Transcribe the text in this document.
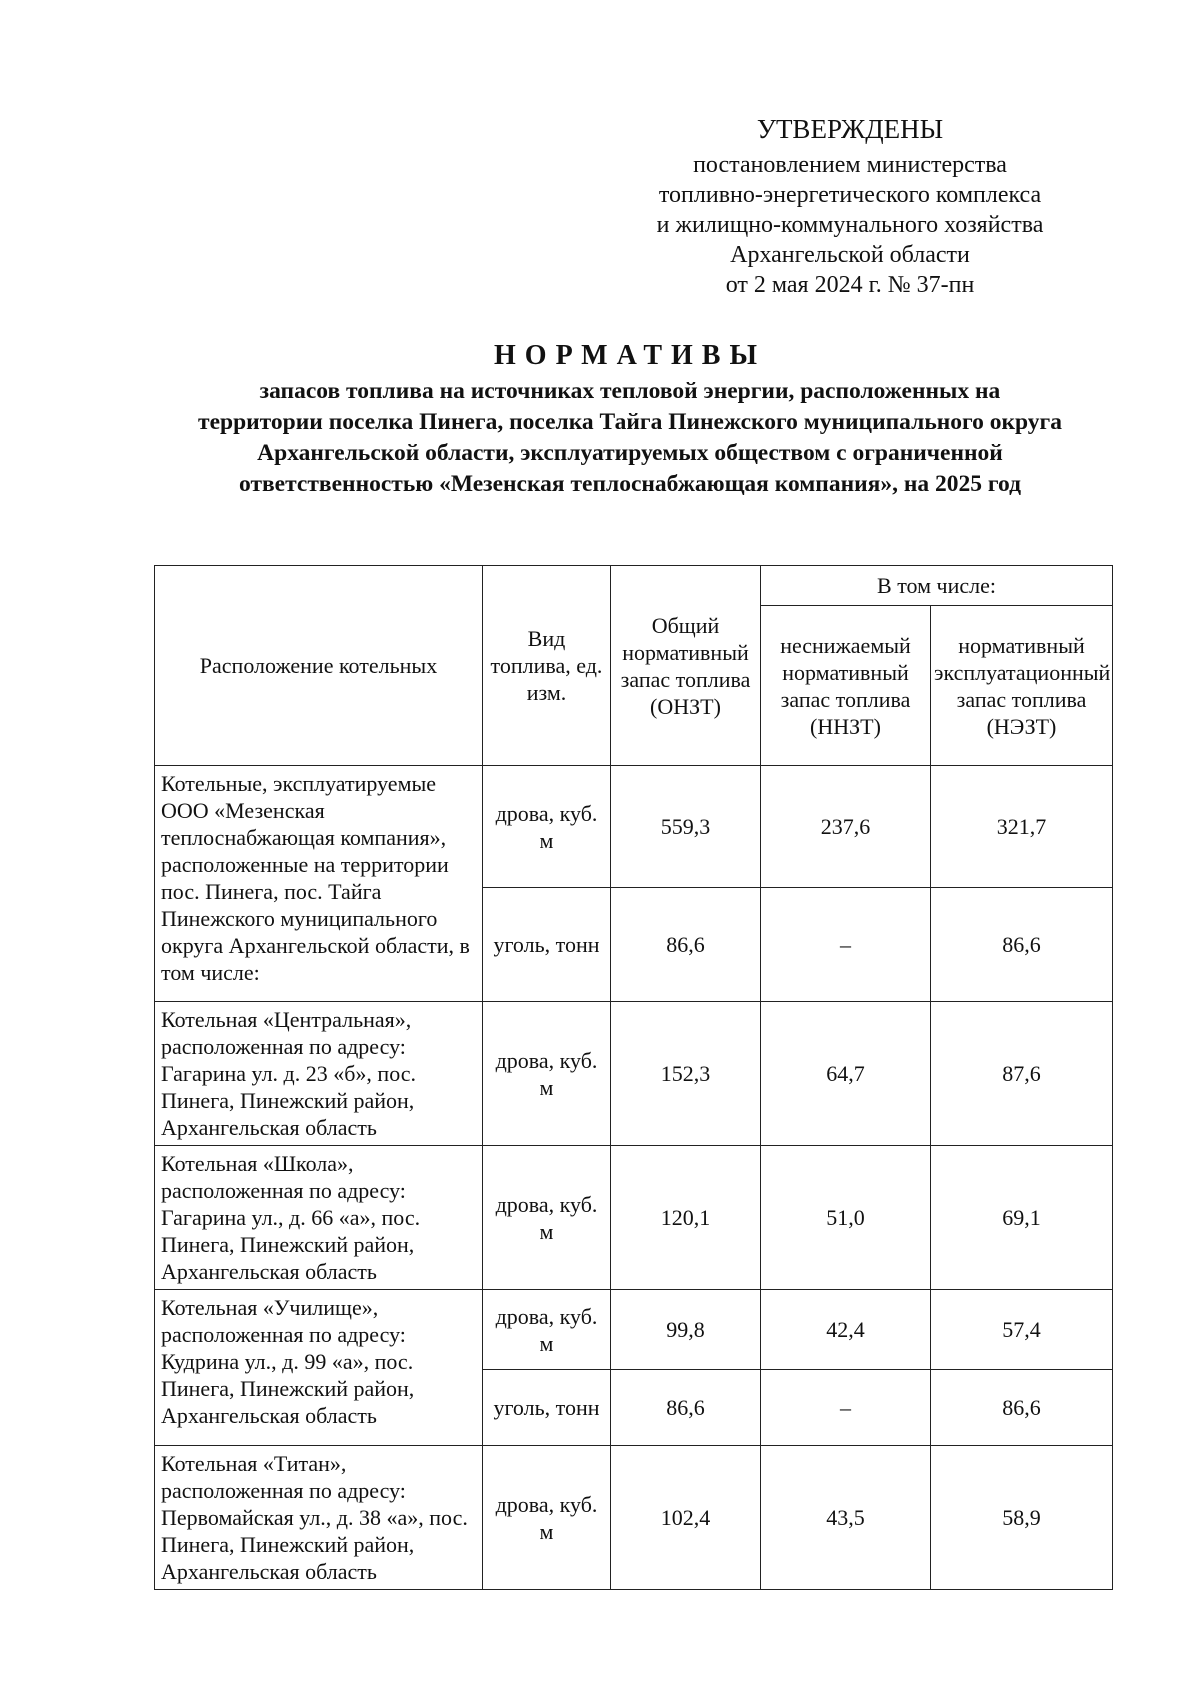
УТВЕРЖДЕНЫ
постановлением министерства
топливно-энергетического комплекса
и жилищно-коммунального хозяйства
Архангельской области
от 2 мая 2024 г. № 37-пн
НОРМАТИВЫ
запасов топлива на источниках тепловой энергии, расположенных на территории поселка Пинега, поселка Тайга Пинежского муниципального округа Архангельской области, эксплуатируемых обществом с ограниченной ответственностью «Мезенская теплоснабжающая компания», на 2025 год
Расположение котельных	Вид топлива, ед. изм.	Общий нормативный запас топлива (ОНЗТ)	В том числе:	
			неснижаемый нормативный запас топлива (ННЗТ)	нормативный эксплуатационный запас топлива (НЭЗТ)
Котельные, эксплуатируемые ООО «Мезенская теплоснабжающая компания», расположенные на территории пос. Пинега, пос. Тайга Пинежского муниципального округа Архангельской области, в том числе:	дрова, куб. м	559,3	237,6	321,7
	уголь, тонн	86,6	–	86,6
Котельная «Центральная», расположенная по адресу: Гагарина ул. д. 23 «б», пос. Пинега, Пинежский район, Архангельская область	дрова, куб. м	152,3	64,7	87,6
Котельная «Школа», расположенная по адресу: Гагарина ул., д. 66 «а», пос. Пинега, Пинежский район, Архангельская область	дрова, куб. м	120,1	51,0	69,1
Котельная «Училище», расположенная по адресу: Кудрина ул., д. 99 «а», пос. Пинега, Пинежский район, Архангельская область	дрова, куб. м	99,8	42,4	57,4
	уголь, тонн	86,6	–	86,6
Котельная «Титан», расположенная по адресу: Первомайская ул., д. 38 «а», пос. Пинега, Пинежский район, Архангельская область	дрова, куб. м	102,4	43,5	58,9
